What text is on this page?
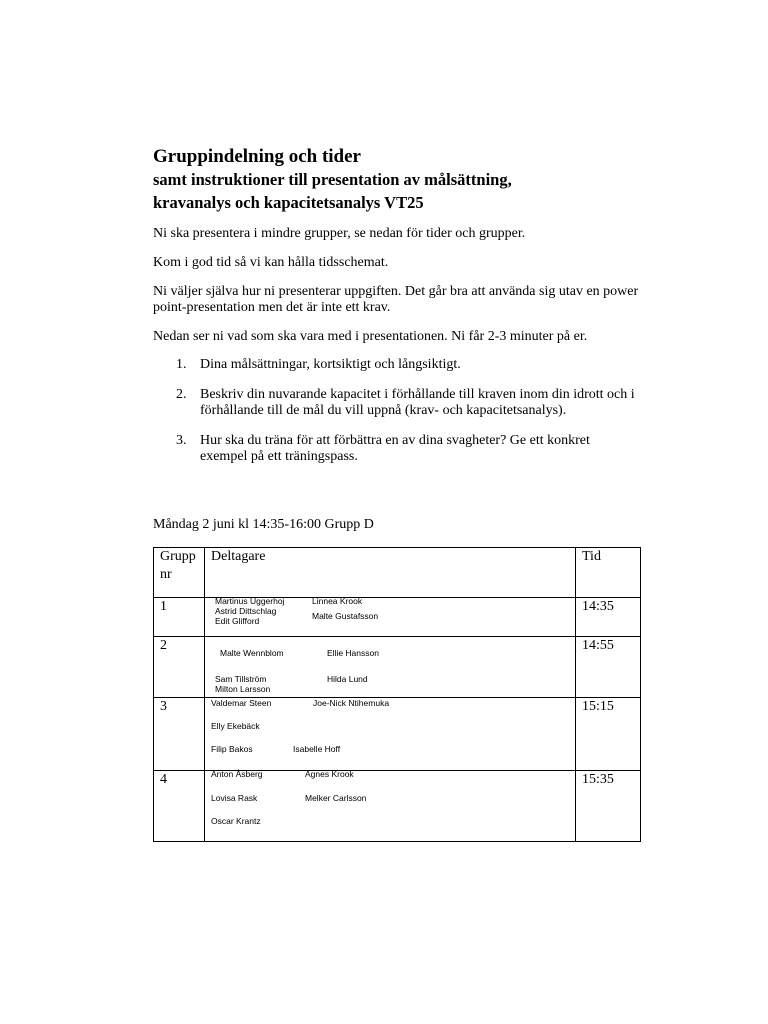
Gruppindelning och tider
samt instruktioner till presentation av målsättning,
kravanalys och kapacitetsanalys VT25

Ni ska presentera i mindre grupper, se nedan för tider och grupper.

Kom i god tid så vi kan hålla tidsschemat.

Ni väljer själva hur ni presenterar uppgiften. Det går bra att använda sig utav en power point-presentation men det är inte ett krav.

Nedan ser ni vad som ska vara med i presentationen. Ni får 2-3 minuter på er.

1. Dina målsättningar, kortsiktigt och långsiktigt.
2. Beskriv din nuvarande kapacitet i förhållande till kraven inom din idrott och i förhållande till de mål du vill uppnå (krav- och kapacitetsanalys).
3. Hur ska du träna för att förbättra en av dina svagheter? Ge ett konkret exempel på ett träningspass.
Måndag 2 juni kl 14:35-16:00 Grupp D
Grupp nr	Deltagare	Tid

1	Martinus Uggerhoj Linnea Krook
Astrid Dittschlag Malte Gustafsson
Edit Glifford	14:35

2	Malte Wennblom Ellie Hansson
Sam Tillström Hilda Lund
Milton Larsson	14:55

3	Valdemar Steen Joe-Nick Ntihemuka
Elly Ekebäck
Filip Bakos Isabelle Hoff	15:15

4	Anton Åsberg Agnes Krook
Lovisa Rask Melker Carlsson
Oscar Krantz	15:35
